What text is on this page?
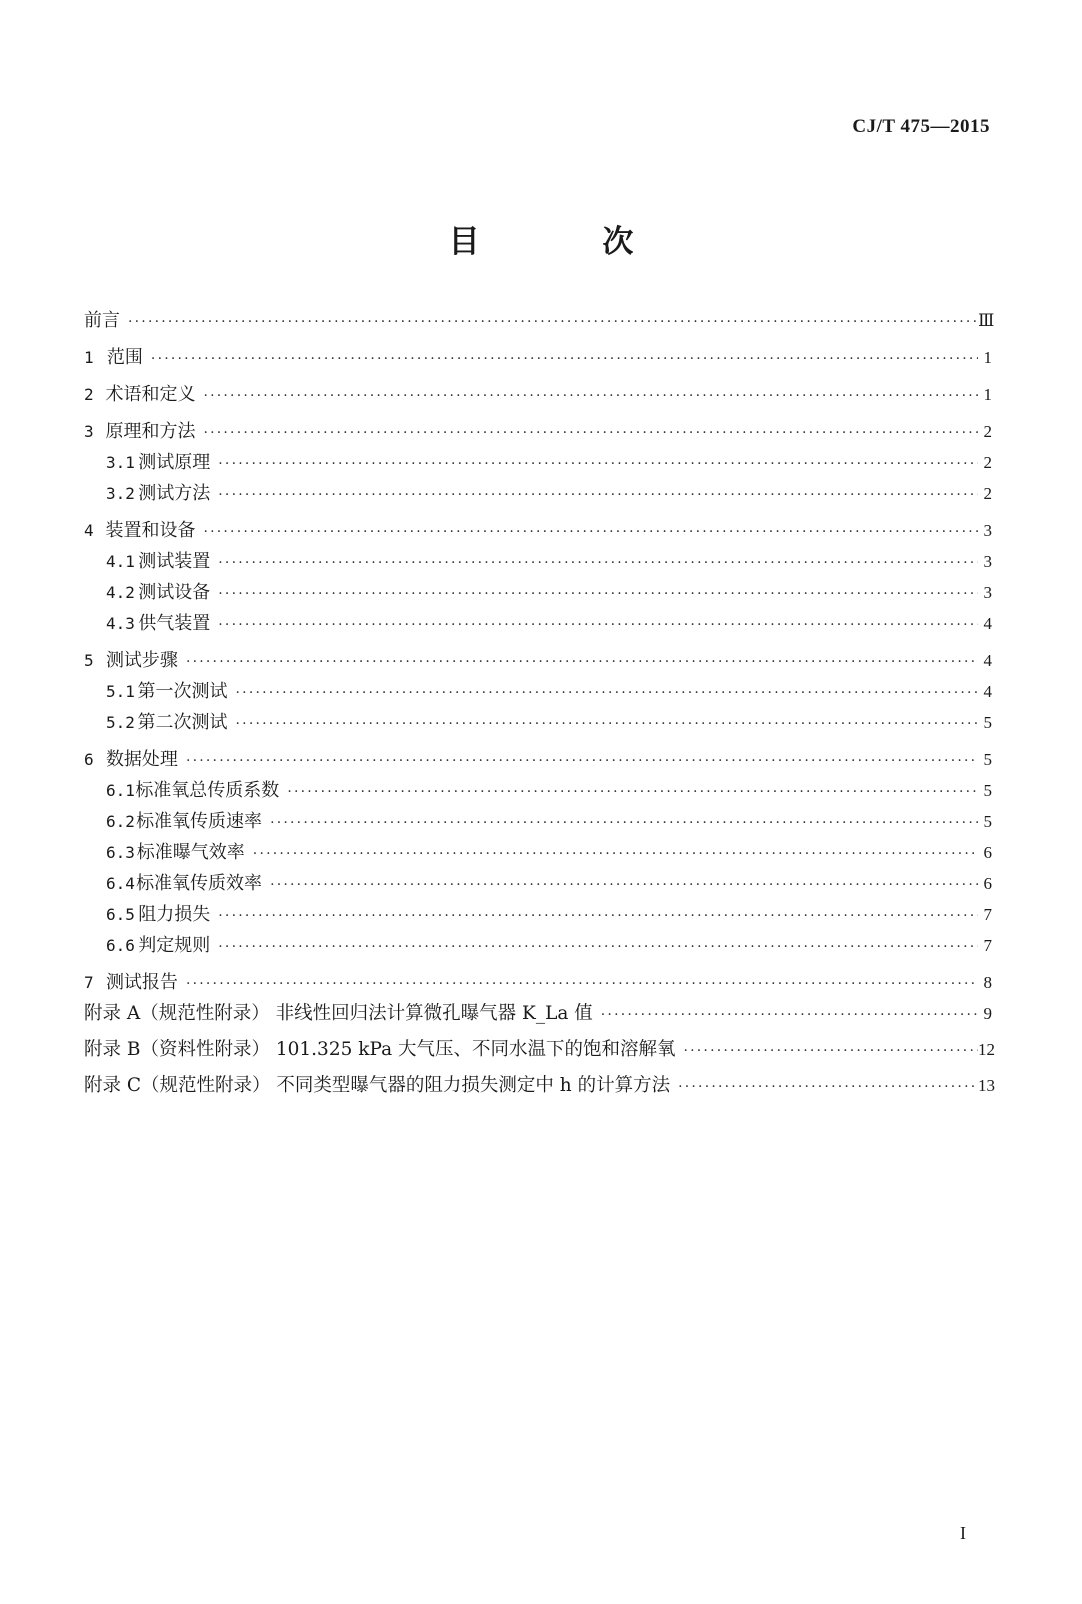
CJ/T 475—2015
目 次
前言 ·····	Ⅲ
1 范围 ·····	1
2 术语和定义 ·····	1
3 原理和方法 ·····	2
3.1 测试原理 ·····	2
3.2 测试方法 ·····	2
4 装置和设备 ·····	3
4.1 测试装置 ·····	3
4.2 测试设备 ·····	3
4.3 供气装置 ·····	4
5 测试步骤 ·····	4
5.1 第一次测试 ·····	4
5.2 第二次测试 ·····	5
6 数据处理 ·····	5
6.1 标准氧总传质系数 ·····	5
6.2 标准氧传质速率 ·····	5
6.3 标准曝气效率 ·····	6
6.4 标准氧传质效率 ·····	6
6.5 阻力损失 ·····	7
6.6 判定规则 ·····	7
7 测试报告 ·····	8
附录 A（规范性附录） 非线性回归法计算微孔曝气器 K_La 值 ·····	9
附录 B（资料性附录） 101.325 kPa 大气压、不同水温下的饱和溶解氧 ·····	12
附录 C（规范性附录） 不同类型曝气器的阻力损失测定中 h 的计算方法 ·····	13
I
